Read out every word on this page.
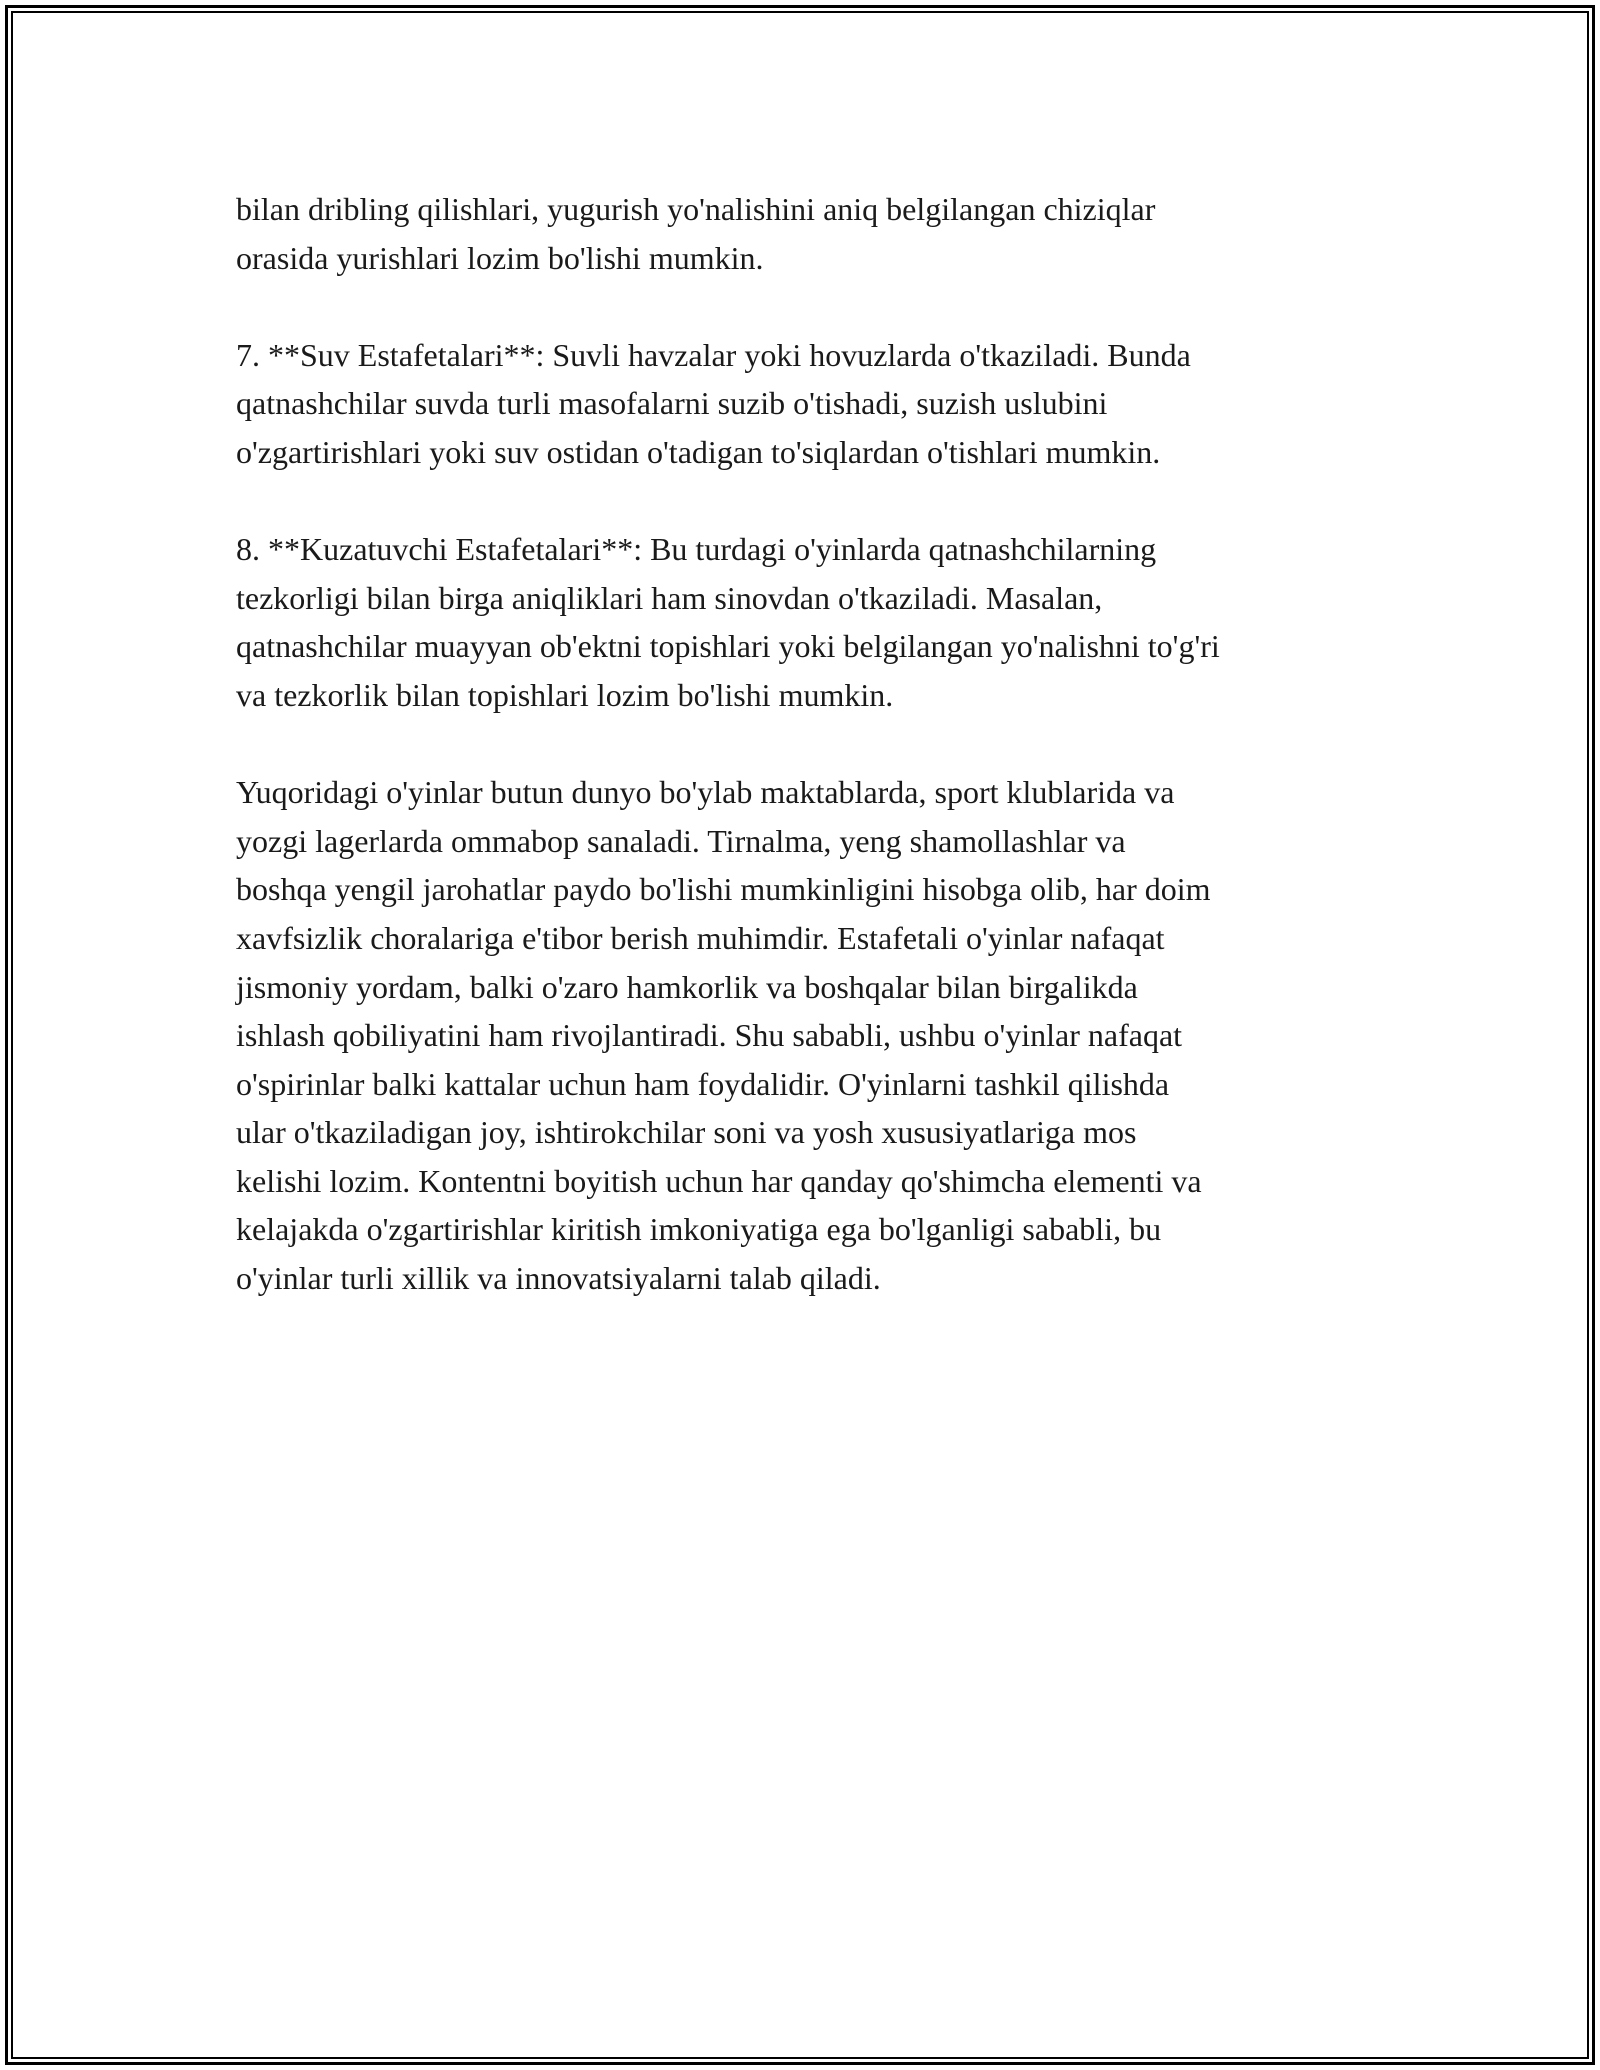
bilan dribling qilishlari, yugurish yo'nalishini aniq belgilangan chiziqlar
orasida yurishlari lozim bo'lishi mumkin.

7. **Suv Estafetalari**: Suvli havzalar yoki hovuzlarda o'tkaziladi. Bunda
qatnashchilar suvda turli masofalarni suzib o'tishadi, suzish uslubini
o'zgartirishlari yoki suv ostidan o'tadigan to'siqlardan o'tishlari mumkin.

8. **Kuzatuvchi Estafetalari**: Bu turdagi o'yinlarda qatnashchilarning
tezkorligi bilan birga aniqliklari ham sinovdan o'tkaziladi. Masalan,
qatnashchilar muayyan ob'ektni topishlari yoki belgilangan yo'nalishni to'g'ri
va tezkorlik bilan topishlari lozim bo'lishi mumkin.

Yuqoridagi o'yinlar butun dunyo bo'ylab maktablarda, sport klublarida va
yozgi lagerlarda ommabop sanaladi. Tirnalma, yeng shamollashlar va
boshqa yengil jarohatlar paydo bo'lishi mumkinligini hisobga olib, har doim
xavfsizlik choralariga e'tibor berish muhimdir. Estafetali o'yinlar nafaqat
jismoniy yordam, balki o'zaro hamkorlik va boshqalar bilan birgalikda
ishlash qobiliyatini ham rivojlantiradi. Shu sababli, ushbu o'yinlar nafaqat
o'spirinlar balki kattalar uchun ham foydalidir. O'yinlarni tashkil qilishda
ular o'tkaziladigan joy, ishtirokchilar soni va yosh xususiyatlariga mos
kelishi lozim. Kontentni boyitish uchun har qanday qo'shimcha elementi va
kelajakda o'zgartirishlar kiritish imkoniyatiga ega bo'lganligi sababli, bu
o'yinlar turli xillik va innovatsiyalarni talab qiladi.
